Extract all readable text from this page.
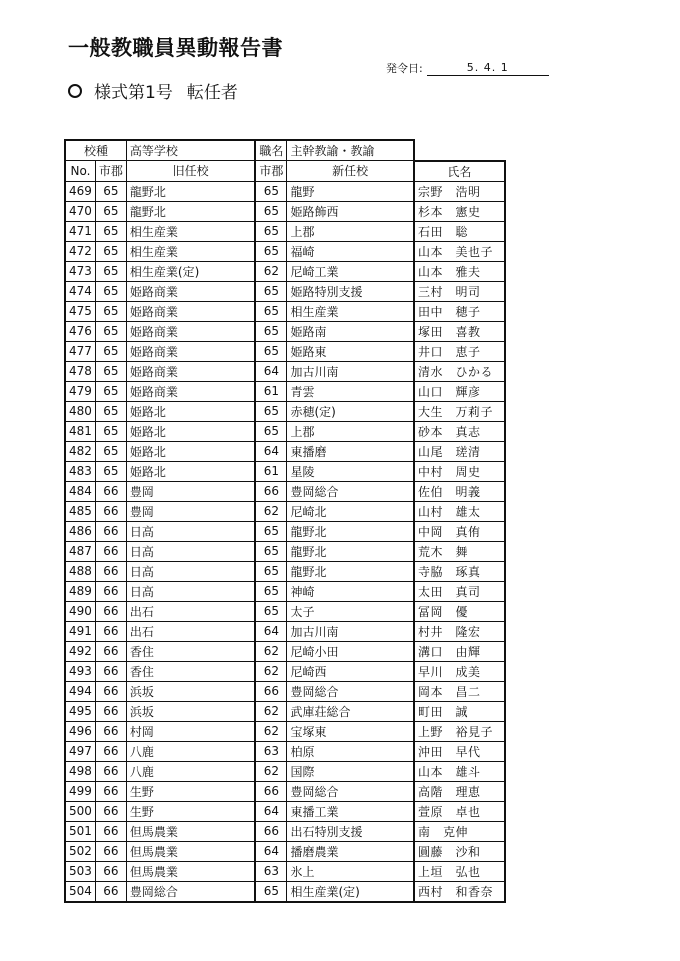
一般教職員異動報告書
発令日:	5. 4. 1
様式第1号 転任者
校種		高等学校	職名	主幹教諭・教諭	
No.	市郡	旧任校	市郡	新任校	氏名
469	65	龍野北	65	龍野	宗野　浩明
470	65	龍野北	65	姫路飾西	杉本　憲史
471	65	相生産業	65	上郡	石田　聡
472	65	相生産業	65	福崎	山本　美也子
473	65	相生産業(定)	62	尼崎工業	山本　雅夫
474	65	姫路商業	65	姫路特別支援	三村　明司
475	65	姫路商業	65	相生産業	田中　穂子
476	65	姫路商業	65	姫路南	塚田　喜教
477	65	姫路商業	65	姫路東	井口　恵子
478	65	姫路商業	64	加古川南	清水　ひかる
479	65	姫路商業	61	青雲	山口　輝彦
480	65	姫路北	65	赤穂(定)	大生　万莉子
481	65	姫路北	65	上郡	砂本　真志
482	65	姫路北	64	東播磨	山尾　瑳清
483	65	姫路北	61	星陵	中村　周史
484	66	豊岡	66	豊岡総合	佐伯　明義
485	66	豊岡	62	尼崎北	山村　雄太
486	66	日高	65	龍野北	中岡　真侑
487	66	日高	65	龍野北	荒木　舞
488	66	日高	65	龍野北	寺脇　琢真
489	66	日高	65	神崎	太田　真司
490	66	出石	65	太子	冨岡　優
491	66	出石	64	加古川南	村井　隆宏
492	66	香住	62	尼崎小田	溝口　由輝
493	66	香住	62	尼崎西	早川　成美
494	66	浜坂	66	豊岡総合	岡本　昌二
495	66	浜坂	62	武庫荘総合	町田　誠
496	66	村岡	62	宝塚東	上野　裕見子
497	66	八鹿	63	柏原	沖田　早代
498	66	八鹿	62	国際	山本　雄斗
499	66	生野	66	豊岡総合	高階　理恵
500	66	生野	64	東播工業	萱原　卓也
501	66	但馬農業	66	出石特別支援	南　克伸
502	66	但馬農業	64	播磨農業	圓藤　沙和
503	66	但馬農業	63	氷上	上垣　弘也
504	66	豊岡総合	65	相生産業(定)	西村　和香奈
